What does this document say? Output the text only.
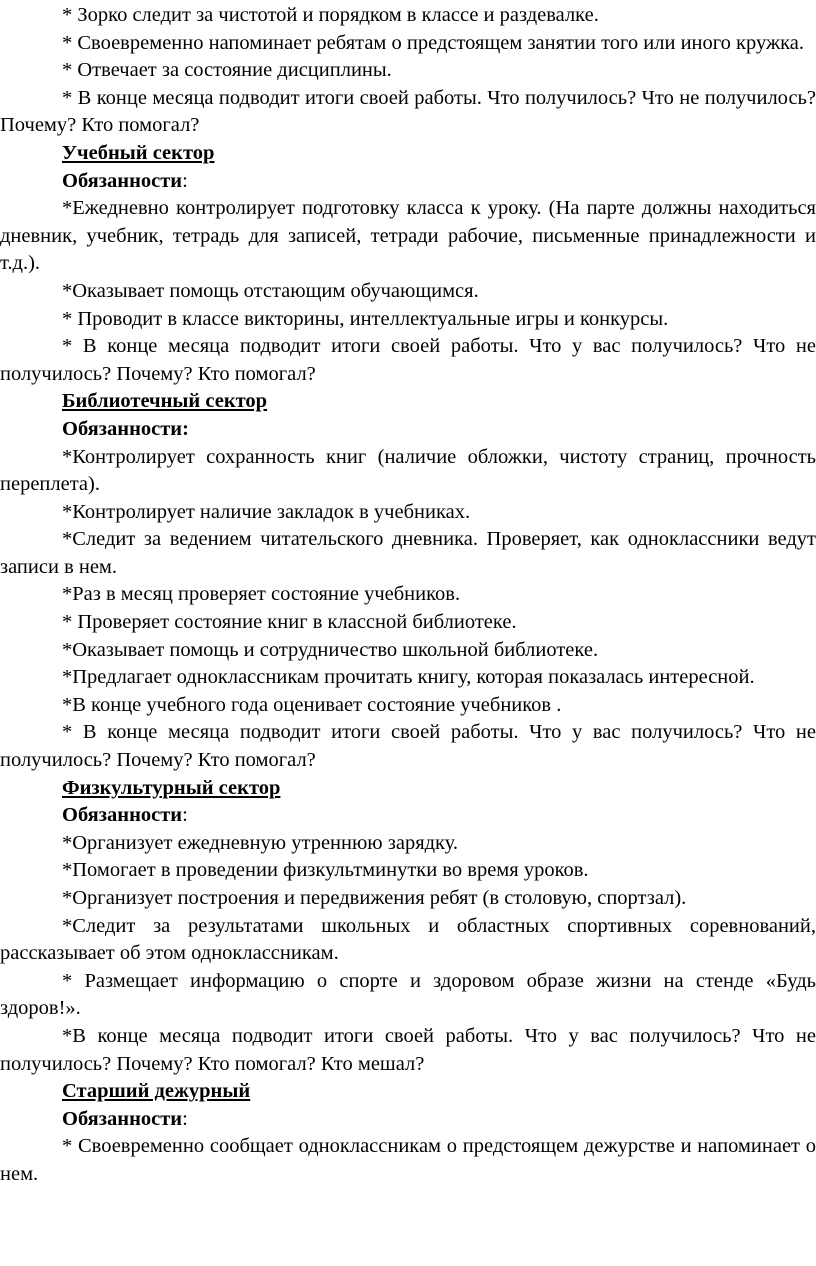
* Зорко следит за чистотой и порядком в классе и раздевалке.

* Своевременно напоминает ребятам о предстоящем занятии того или иного кружка.

* Отвечает за состояние дисциплины.

* В конце месяца подводит итоги своей работы. Что получилось? Что не получилось? Почему? Кто помогал?

Учебный сектор

Обязанности:

*Ежедневно контролирует подготовку класса к уроку. (На парте должны находиться дневник, учебник, тетрадь для записей, тетради рабочие, письменные принадлежности и т.д.).

*Оказывает помощь отстающим обучающимся.

* Проводит в классе викторины, интеллектуальные игры и конкурсы.

* В конце месяца подводит итоги своей работы. Что у вас получилось? Что не получилось? Почему? Кто помогал?

Библиотечный сектор

Обязанности:

*Контролирует сохранность книг (наличие обложки, чистоту страниц, прочность переплета).

*Контролирует наличие закладок в учебниках.

*Следит за ведением читательского дневника. Проверяет, как одноклассники ведут записи в нем.

*Раз в месяц проверяет состояние учебников.

* Проверяет состояние книг в классной библиотеке.

*Оказывает помощь и сотрудничество школьной библиотеке.

*Предлагает одноклассникам прочитать книгу, которая показалась интересной.

*В конце учебного года оценивает состояние учебников .

* В конце месяца подводит итоги своей работы. Что у вас получилось? Что не получилось? Почему? Кто помогал?

Физкультурный сектор

Обязанности:

*Организует ежедневную утреннюю зарядку.

*Помогает в проведении физкультминутки во время уроков.

*Организует построения и передвижения ребят (в столовую, спортзал).

*Следит за результатами школьных и областных спортивных соревнований, рассказывает об этом одноклассникам.

* Размещает информацию о спорте и здоровом образе жизни на стенде «Будь здоров!».

*В конце месяца подводит итоги своей работы. Что у вас получилось? Что не получилось? Почему? Кто помогал? Кто мешал?

Старший дежурный

Обязанности:

* Своевременно сообщает одноклассникам о предстоящем дежурстве и напоминает о нем.
